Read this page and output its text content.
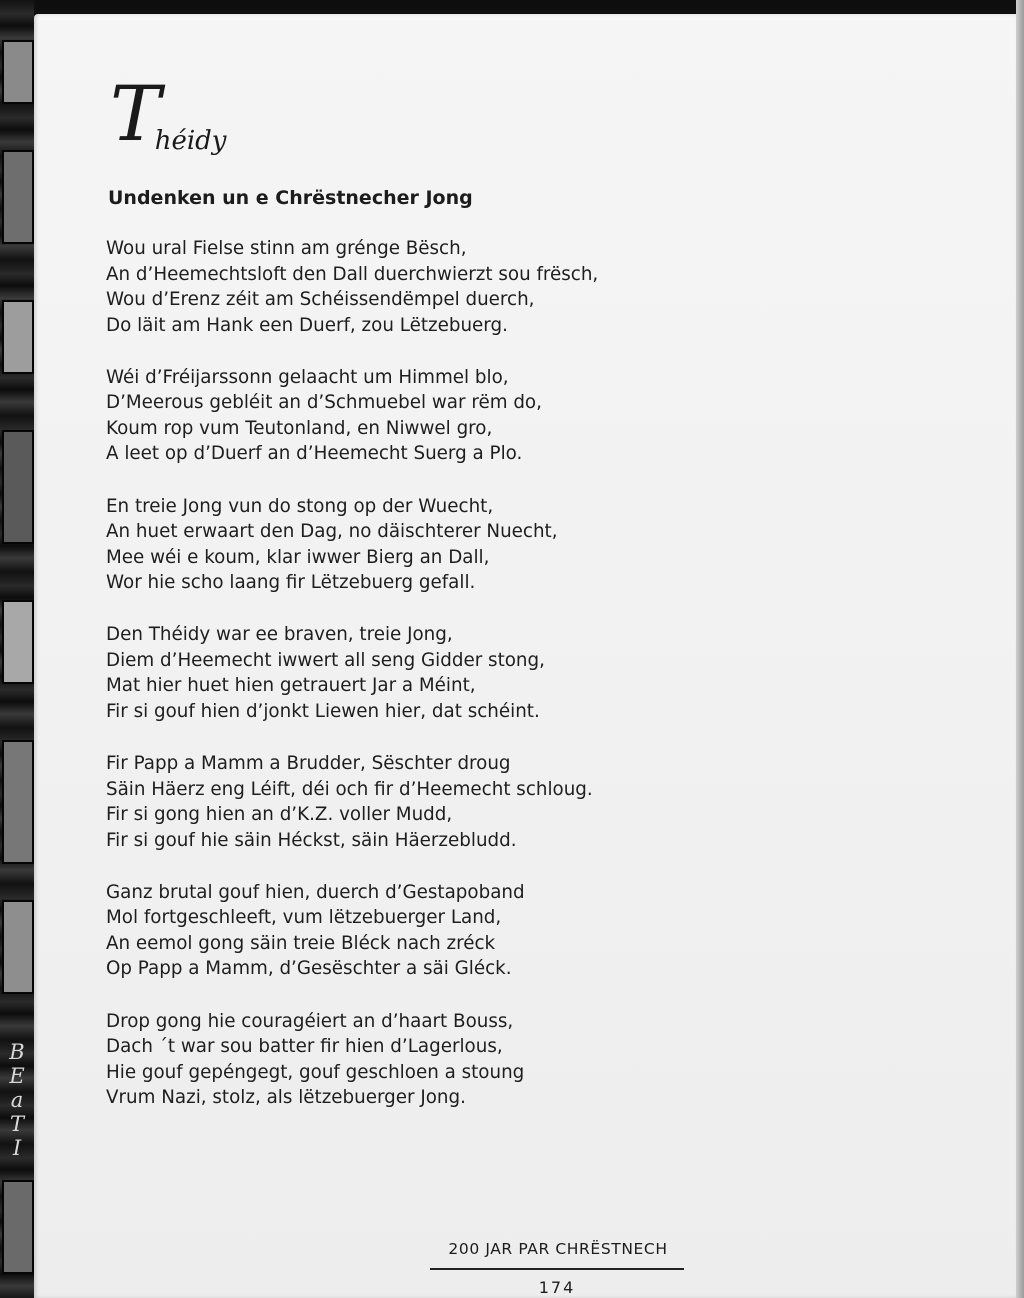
B
E
a
T
I
Théidy
Undenken un e Chrëstnecher Jong
Wou ural Fielse stinn am grénge Bësch,
An d’Heemechtsloft den Dall duerchwierzt sou frësch,
Wou d’Erenz zéit am Schéissendëmpel duerch,
Do läit am Hank een Duerf, zou Lëtzebuerg.
Wéi d’Fréijarssonn gelaacht um Himmel blo,
D’Meerous gebléit an d’Schmuebel war rëm do,
Koum rop vum Teutonland, en Niwwel gro,
A leet op d’Duerf an d’Heemecht Suerg a Plo.
En treie Jong vun do stong op der Wuecht,
An huet erwaart den Dag, no däischterer Nuecht,
Mee wéi e koum, klar iwwer Bierg an Dall,
Wor hie scho laang fir Lëtzebuerg gefall.
Den Théidy war ee braven, treie Jong,
Diem d’Heemecht iwwert all seng Gidder stong,
Mat hier huet hien getrauert Jar a Méint,
Fir si gouf hien d’jonkt Liewen hier, dat schéint.
Fir Papp a Mamm a Brudder, Sëschter droug
Säin Häerz eng Léift, déi och fir d’Heemecht schloug.
Fir si gong hien an d’K.Z. voller Mudd,
Fir si gouf hie säin Héckst, säin Häerzebludd.
Ganz brutal gouf hien, duerch d’Gestapoband
Mol fortgeschleeft, vum lëtzebuerger Land,
An eemol gong säin treie Bléck nach zréck
Op Papp a Mamm, d’Gesëschter a säi Gléck.
Drop gong hie couragéiert an d’haart Bouss,
Dach ´t war sou batter fir hien d’Lagerlous,
Hie gouf gepéngegt, gouf geschloen a stoung
Vrum Nazi, stolz, als lëtzebuerger Jong.
200 JAR PAR CHRËSTNECH
174
